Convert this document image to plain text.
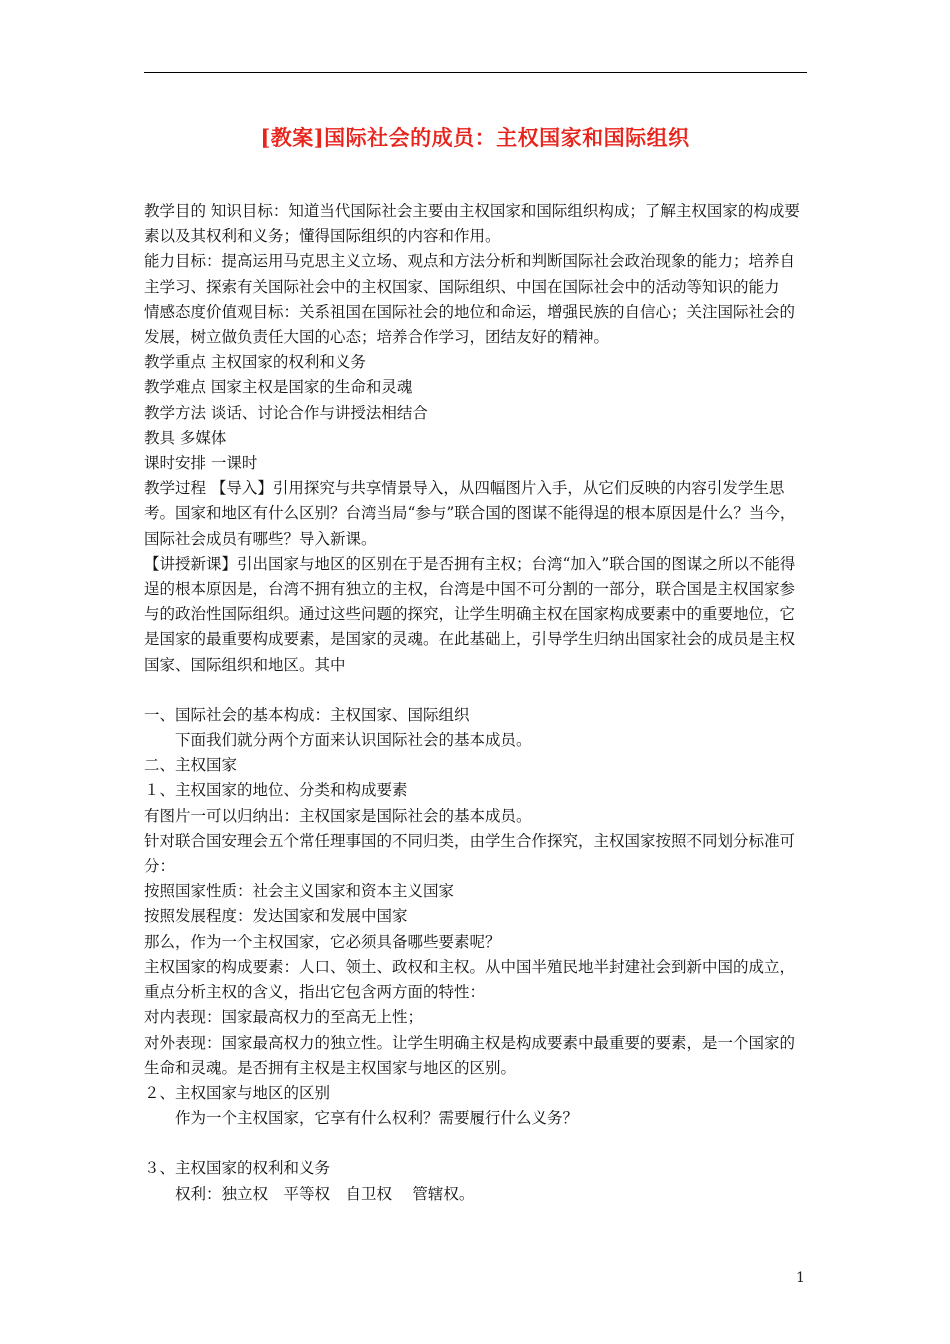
[教案]国际社会的成员：主权国家和国际组织

教学目的 知识目标：知道当代国际社会主要由主权国家和国际组织构成；了解主权国家的构成要素以及其权利和义务；懂得国际组织的内容和作用。

能力目标：提高运用马克思主义立场、观点和方法分析和判断国际社会政治现象的能力；培养自主学习、探索有关国际社会中的主权国家、国际组织、中国在国际社会中的活动等知识的能力

情感态度价值观目标：关系祖国在国际社会的地位和命运，增强民族的自信心；关注国际社会的发展，树立做负责任大国的心态；培养合作学习，团结友好的精神。

教学重点 主权国家的权利和义务

教学难点 国家主权是国家的生命和灵魂

教学方法 谈话、讨论合作与讲授法相结合

教具 多媒体

课时安排 一课时

教学过程 【导入】引用探究与共享情景导入，从四幅图片入手，从它们反映的内容引发学生思考。国家和地区有什么区别？台湾当局“参与”联合国的图谋不能得逞的根本原因是什么？当今，国际社会成员有哪些？导入新课。

【讲授新课】引出国家与地区的区别在于是否拥有主权；台湾“加入”联合国的图谋之所以不能得逞的根本原因是，台湾不拥有独立的主权，台湾是中国不可分割的一部分，联合国是主权国家参与的政治性国际组织。通过这些问题的探究，让学生明确主权在国家构成要素中的重要地位，它是国家的最重要构成要素，是国家的灵魂。在此基础上，引导学生归纳出国家社会的成员是主权国家、国际组织和地区。其中

一、国际社会的基本构成：主权国家、国际组织

下面我们就分两个方面来认识国际社会的基本成员。

二、主权国家

１、主权国家的地位、分类和构成要素

有图片一可以归纳出：主权国家是国际社会的基本成员。

针对联合国安理会五个常任理事国的不同归类，由学生合作探究，主权国家按照不同划分标准可分：

按照国家性质：社会主义国家和资本主义国家

按照发展程度：发达国家和发展中国家

那么，作为一个主权国家，它必须具备哪些要素呢？

主权国家的构成要素：人口、领土、政权和主权。从中国半殖民地半封建社会到新中国的成立，重点分析主权的含义，指出它包含两方面的特性：

对内表现：国家最高权力的至高无上性；

对外表现：国家最高权力的独立性。让学生明确主权是构成要素中最重要的要素，是一个国家的生命和灵魂。是否拥有主权是主权国家与地区的区别。

２、主权国家与地区的区别

作为一个主权国家，它享有什么权利？需要履行什么义务？

３、主权国家的权利和义务

权利：独立权　平等权　自卫权　 管辖权。

1
